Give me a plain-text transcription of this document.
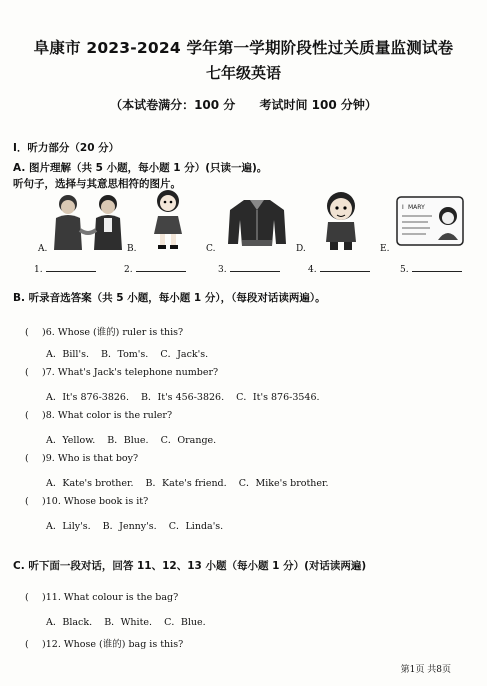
阜康市 2023-2024 学年第一学期阶段性过关质量监测试卷
七年级英语
（本试卷满分：100 分 考试时间 100 分钟）
I．听力部分（20 分）
A. 图片理解（共 5 小题，每小题 1 分）(只读一遍)。
听句子，选择与其意思相符的图片。
A.	B.	C.	D.
I MARY
E.
1.	2.	3.	4.	5.
B. 听录音选答案（共 5 小题，每小题 1 分），（每段对话读两遍）。
( )6. Whose (谁的) ruler is this?
A．Bill's. B．Tom's. C．Jack's.
( )7. What's Jack's telephone number?
A．It's 876-3826. B．It's 456-3826. C．It's 876-3546.
( )8. What color is the ruler?
A．Yellow. B．Blue. C．Orange.
( )9. Who is that boy?
A．Kate's brother. B．Kate's friend. C．Mike's brother.
( )10. Whose book is it?
A．Lily's. B．Jenny's. C．Linda's.
C. 听下面一段对话，回答 11、12、13 小题（每小题 1 分）(对话读两遍)
( )11. What colour is the bag?
A．Black. B．White. C．Blue.
( )12. Whose (谁的) bag is this?
第1页 共8页
